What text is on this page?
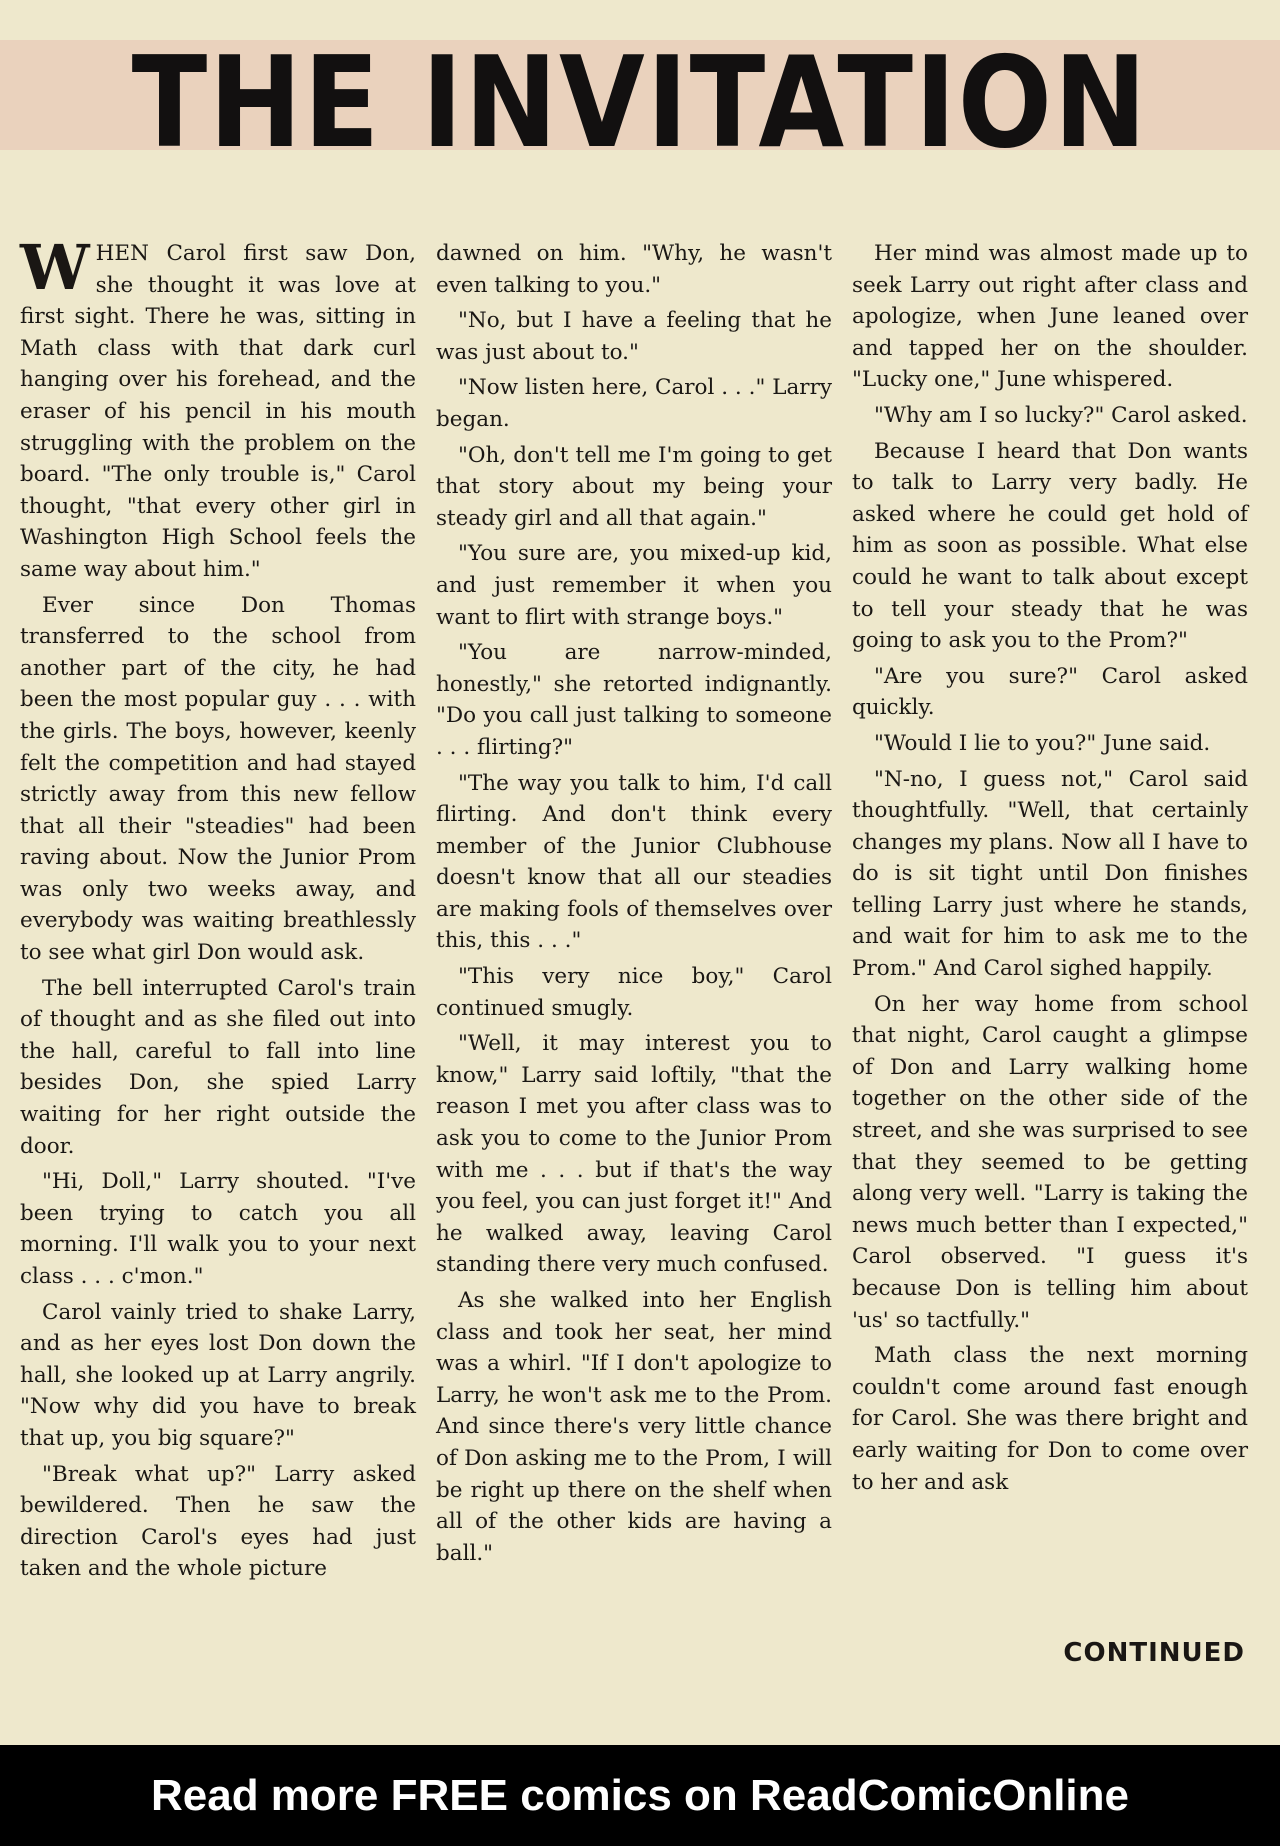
THE INVITATION

WHEN Carol first saw Don, she thought it was love at first sight. There he was, sitting in Math class with that dark curl hanging over his forehead, and the eraser of his pencil in his mouth struggling with the problem on the board. "The only trouble is," Carol thought, "that every other girl in Washington High School feels the same way about him."

Ever since Don Thomas transferred to the school from another part of the city, he had been the most popular guy . . . with the girls. The boys, however, keenly felt the competition and had stayed strictly away from this new fellow that all their "steadies" had been raving about. Now the Junior Prom was only two weeks away, and everybody was waiting breathlessly to see what girl Don would ask.

The bell interrupted Carol's train of thought and as she filed out into the hall, careful to fall into line besides Don, she spied Larry waiting for her right outside the door.

"Hi, Doll," Larry shouted. "I've been trying to catch you all morning. I'll walk you to your next class . . . c'mon."

Carol vainly tried to shake Larry, and as her eyes lost Don down the hall, she looked up at Larry angrily. "Now why did you have to break that up, you big square?"

"Break what up?" Larry asked bewildered. Then he saw the direction Carol's eyes had just taken and the whole picture

dawned on him. "Why, he wasn't even talking to you."

"No, but I have a feeling that he was just about to."

"Now listen here, Carol . . ." Larry began.

"Oh, don't tell me I'm going to get that story about my being your steady girl and all that again."

"You sure are, you mixed-up kid, and just remember it when you want to flirt with strange boys."

"You are narrow-minded, honestly," she retorted indignantly. "Do you call just talking to someone . . . flirting?"

"The way you talk to him, I'd call flirting. And don't think every member of the Junior Clubhouse doesn't know that all our steadies are making fools of themselves over this, this . . ."

"This very nice boy," Carol continued smugly.

"Well, it may interest you to know," Larry said loftily, "that the reason I met you after class was to ask you to come to the Junior Prom with me . . . but if that's the way you feel, you can just forget it!" And he walked away, leaving Carol standing there very much confused.

As she walked into her English class and took her seat, her mind was a whirl. "If I don't apologize to Larry, he won't ask me to the Prom. And since there's very little chance of Don asking me to the Prom, I will be right up there on the shelf when all of the other kids are having a ball."

Her mind was almost made up to seek Larry out right after class and apologize, when June leaned over and tapped her on the shoulder. "Lucky one," June whispered.

"Why am I so lucky?" Carol asked.

Because I heard that Don wants to talk to Larry very badly. He asked where he could get hold of him as soon as possible. What else could he want to talk about except to tell your steady that he was going to ask you to the Prom?"

"Are you sure?" Carol asked quickly.

"Would I lie to you?" June said.

"N-no, I guess not," Carol said thoughtfully. "Well, that certainly changes my plans. Now all I have to do is sit tight until Don finishes telling Larry just where he stands, and wait for him to ask me to the Prom." And Carol sighed happily.

On her way home from school that night, Carol caught a glimpse of Don and Larry walking home together on the other side of the street, and she was surprised to see that they seemed to be getting along very well. "Larry is taking the news much better than I expected," Carol observed. "I guess it's because Don is telling him about 'us' so tactfully."

Math class the next morning couldn't come around fast enough for Carol. She was there bright and early waiting for Don to come over to her and ask

CONTINUED

Read more FREE comics on ReadComicOnline
